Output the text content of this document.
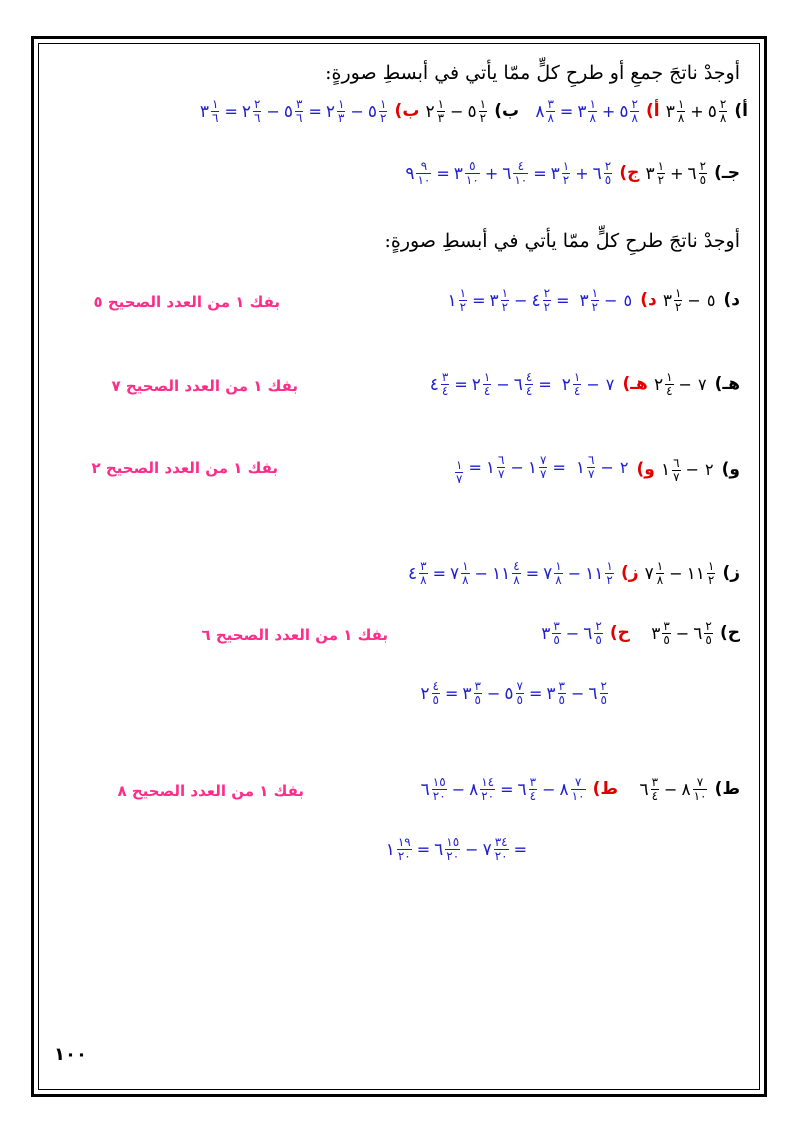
أوجدْ ناتجَ جمعِ أو طرحِ كلٍّ ممّا يأتي في أبسطِ صورةٍ:
أ)
٣ $\frac{١}{٨}$ + ٥ $\frac{٢}{٨}$
أ)
٨ $\frac{٣}{٨}$ = ٣ $\frac{١}{٨}$ + ٥ $\frac{٢}{٨}$
ب)
٢ $\frac{١}{٣}$ − ٥ $\frac{١}{٢}$
ب)
٣ $\frac{١}{٦}$ = ٢ $\frac{٢}{٦}$ − ٥ $\frac{٣}{٦}$ = ٢ $\frac{١}{٣}$ − ٥ $\frac{١}{٢}$
جـ)
٣ $\frac{١}{٢}$ + ٦ $\frac{٢}{٥}$
ج)
٩ $\frac{٩}{١٠}$ = ٣ $\frac{٥}{١٠}$ + ٦ $\frac{٤}{١٠}$ = ٣ $\frac{١}{٢}$ + ٦ $\frac{٢}{٥}$
أوجدْ ناتجَ طرحِ كلٍّ ممّا يأتي في أبسطِ صورةٍ:
د)
٣ $\frac{١}{٢}$ − ٥ د)
١ $\frac{١}{٢}$ = ٣ $\frac{١}{٢}$ − ٤ $\frac{٢}{٢}$ = ٣ $\frac{١}{٢}$ − ٥
بفك ١ من العدد الصحيح ٥
هـ)
٢ $\frac{١}{٤}$ − ٧ هـ)
٤ $\frac{٣}{٤}$ = ٢ $\frac{١}{٤}$ − ٦ $\frac{٤}{٤}$ = ٢ $\frac{١}{٤}$ − ٧
بفك ١ من العدد الصحيح ٧
و)
١ $\frac{٦}{٧}$ − ٢ و)
$\frac{١}{٧}$ = ١ $\frac{٦}{٧}$ − ١ $\frac{٧}{٧}$ = ١ $\frac{٦}{٧}$ − ٢
بفك ١ من العدد الصحيح ٢
ز)
٧ $\frac{١}{٨}$ − ١١ $\frac{١}{٢}$
ز)
٤ $\frac{٣}{٨}$ = ٧ $\frac{١}{٨}$ − ١١ $\frac{٤}{٨}$ = ٧ $\frac{١}{٨}$ − ١١ $\frac{١}{٢}$
ح)
٣ $\frac{٣}{٥}$ − ٦ $\frac{٢}{٥}$
ح)
٣ $\frac{٣}{٥}$ − ٦ $\frac{٢}{٥}$
بفك ١ من العدد الصحيح ٦
٢ $\frac{٤}{٥}$ = ٣ $\frac{٣}{٥}$ − ٥ $\frac{٧}{٥}$ = ٣ $\frac{٣}{٥}$ − ٦ $\frac{٢}{٥}$
ط)
٦ $\frac{٣}{٤}$ − ٨ $\frac{٧}{١٠}$
ط)
٦ $\frac{١٥}{٢٠}$ − ٨ $\frac{١٤}{٢٠}$ = ٦ $\frac{٣}{٤}$ − ٨ $\frac{٧}{١٠}$
بفك ١ من العدد الصحيح ٨
١ $\frac{١٩}{٢٠}$ = ٦ $\frac{١٥}{٢٠}$ − ٧ $\frac{٣٤}{٢٠}$ =
١٠٠
